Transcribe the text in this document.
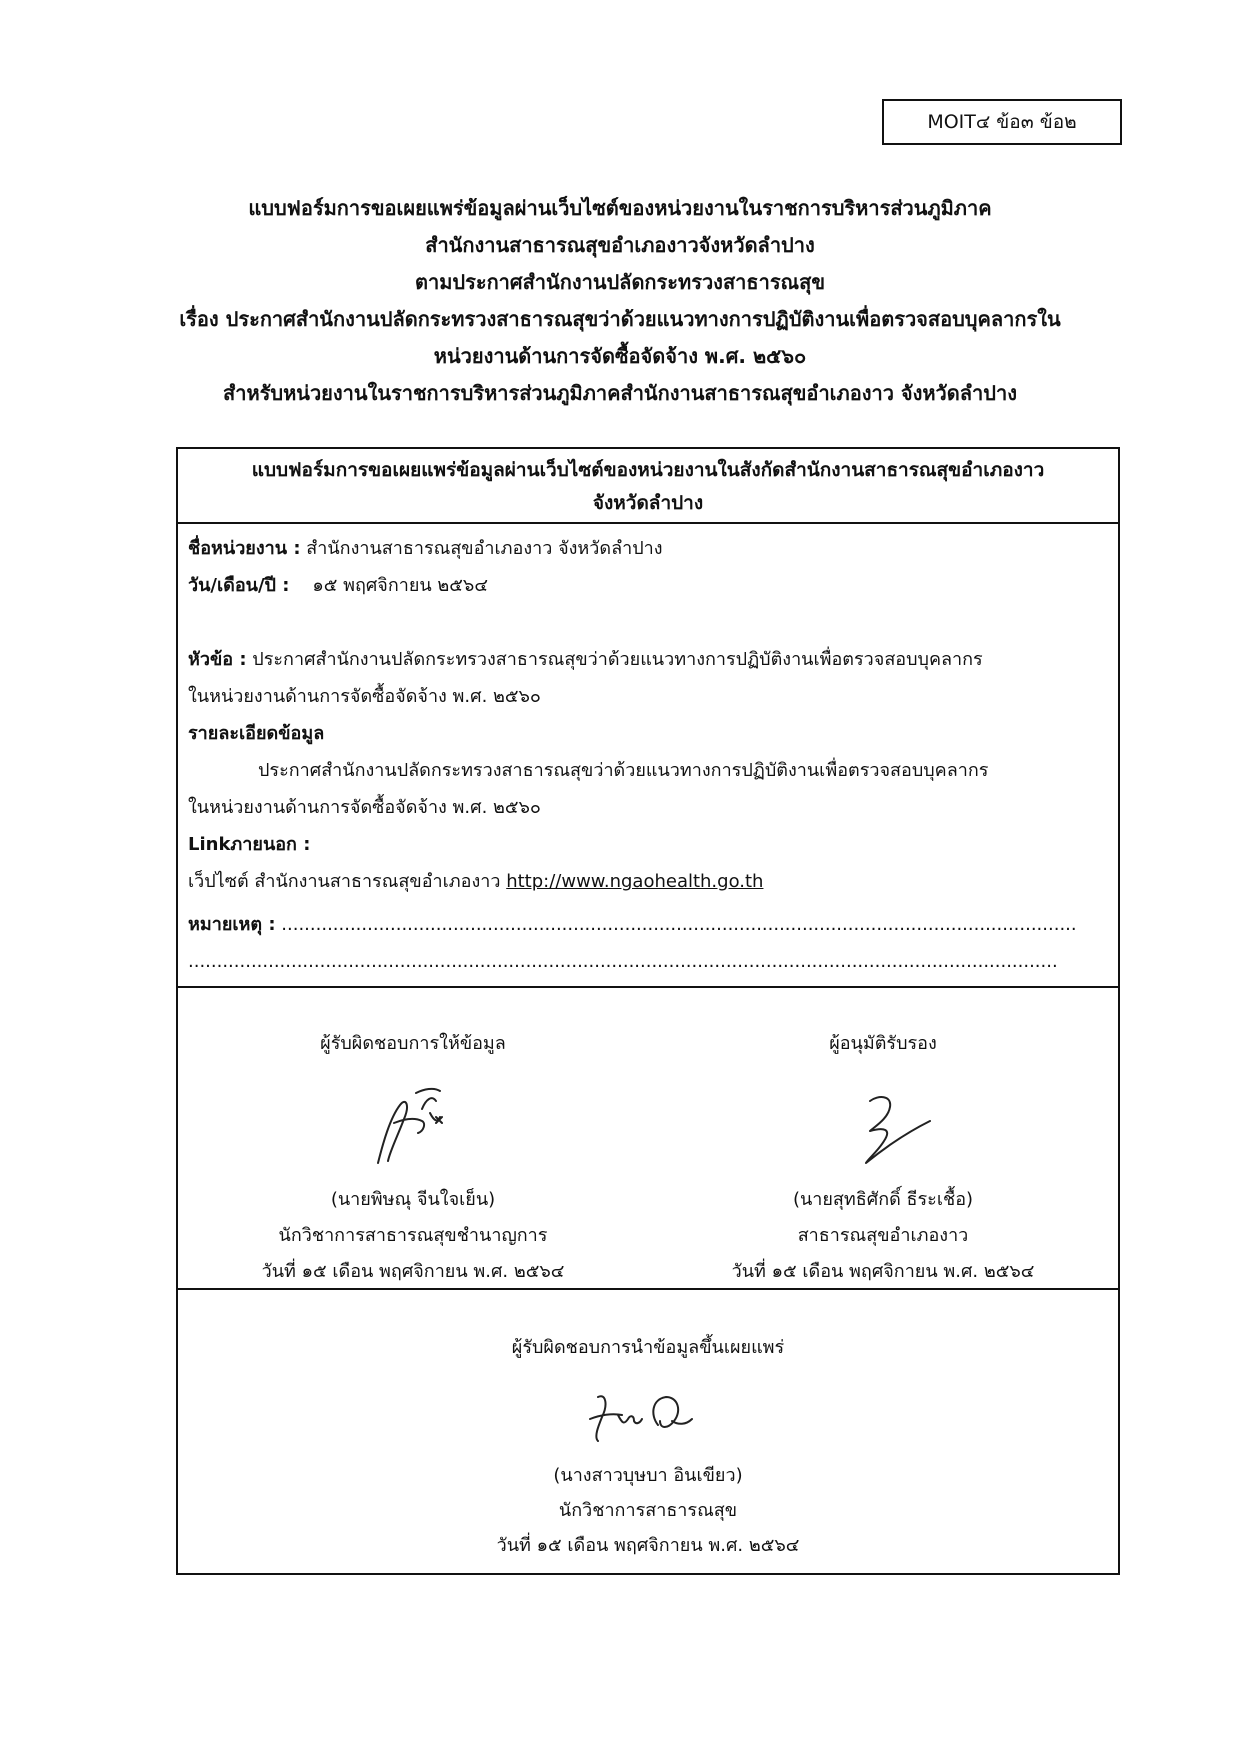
MOIT๔ ข้อ๓ ข้อ๒
แบบฟอร์มการขอเผยแพร่ข้อมูลผ่านเว็บไซต์ของหน่วยงานในราชการบริหารส่วนภูมิภาค
สำนักงานสาธารณสุขอำเภองาวจังหวัดลำปาง
ตามประกาศสำนักงานปลัดกระทรวงสาธารณสุข
เรื่อง ประกาศสำนักงานปลัดกระทรวงสาธารณสุขว่าด้วยแนวทางการปฏิบัติงานเพื่อตรวจสอบบุคลากรใน
หน่วยงานด้านการจัดซื้อจัดจ้าง พ.ศ. ๒๕๖๐
สำหรับหน่วยงานในราชการบริหารส่วนภูมิภาคสำนักงานสาธารณสุขอำเภองาว จังหวัดลำปาง
แบบฟอร์มการขอเผยแพร่ข้อมูลผ่านเว็บไซต์ของหน่วยงานในสังกัดสำนักงานสาธารณสุขอำเภองาว
จังหวัดลำปาง
ชื่อหน่วยงาน : สำนักงานสาธารณสุขอำเภองาว จังหวัดลำปาง
วัน/เดือน/ปี : ๑๕ พฤศจิกายน ๒๕๖๔
หัวข้อ : ประกาศสำนักงานปลัดกระทรวงสาธารณสุขว่าด้วยแนวทางการปฏิบัติงานเพื่อตรวจสอบบุคลากร
ในหน่วยงานด้านการจัดซื้อจัดจ้าง พ.ศ. ๒๕๖๐
รายละเอียดข้อมูล
ประกาศสำนักงานปลัดกระทรวงสาธารณสุขว่าด้วยแนวทางการปฏิบัติงานเพื่อตรวจสอบบุคลากร
ในหน่วยงานด้านการจัดซื้อจัดจ้าง พ.ศ. ๒๕๖๐
Linkภายนอก :
เว็ปไซต์ สำนักงานสาธารณสุขอำเภองาว http://www.ngaohealth.go.th
หมายเหตุ : ...........................................................................................................................................
........................................................................................................................................................
ผู้รับผิดชอบการให้ข้อมูล
(นายพิษณุ จีนใจเย็น)
นักวิชาการสาธารณสุขชำนาญการ
วันที่ ๑๕ เดือน พฤศจิกายน พ.ศ. ๒๕๖๔
ผู้อนุมัติรับรอง
(นายสุทธิศักดิ์ ธีระเชื้อ)
สาธารณสุขอำเภองาว
วันที่ ๑๕ เดือน พฤศจิกายน พ.ศ. ๒๕๖๔
ผู้รับผิดชอบการนำข้อมูลขึ้นเผยแพร่
(นางสาวบุษบา อินเขียว)
นักวิชาการสาธารณสุข
วันที่ ๑๕ เดือน พฤศจิกายน พ.ศ. ๒๕๖๔
